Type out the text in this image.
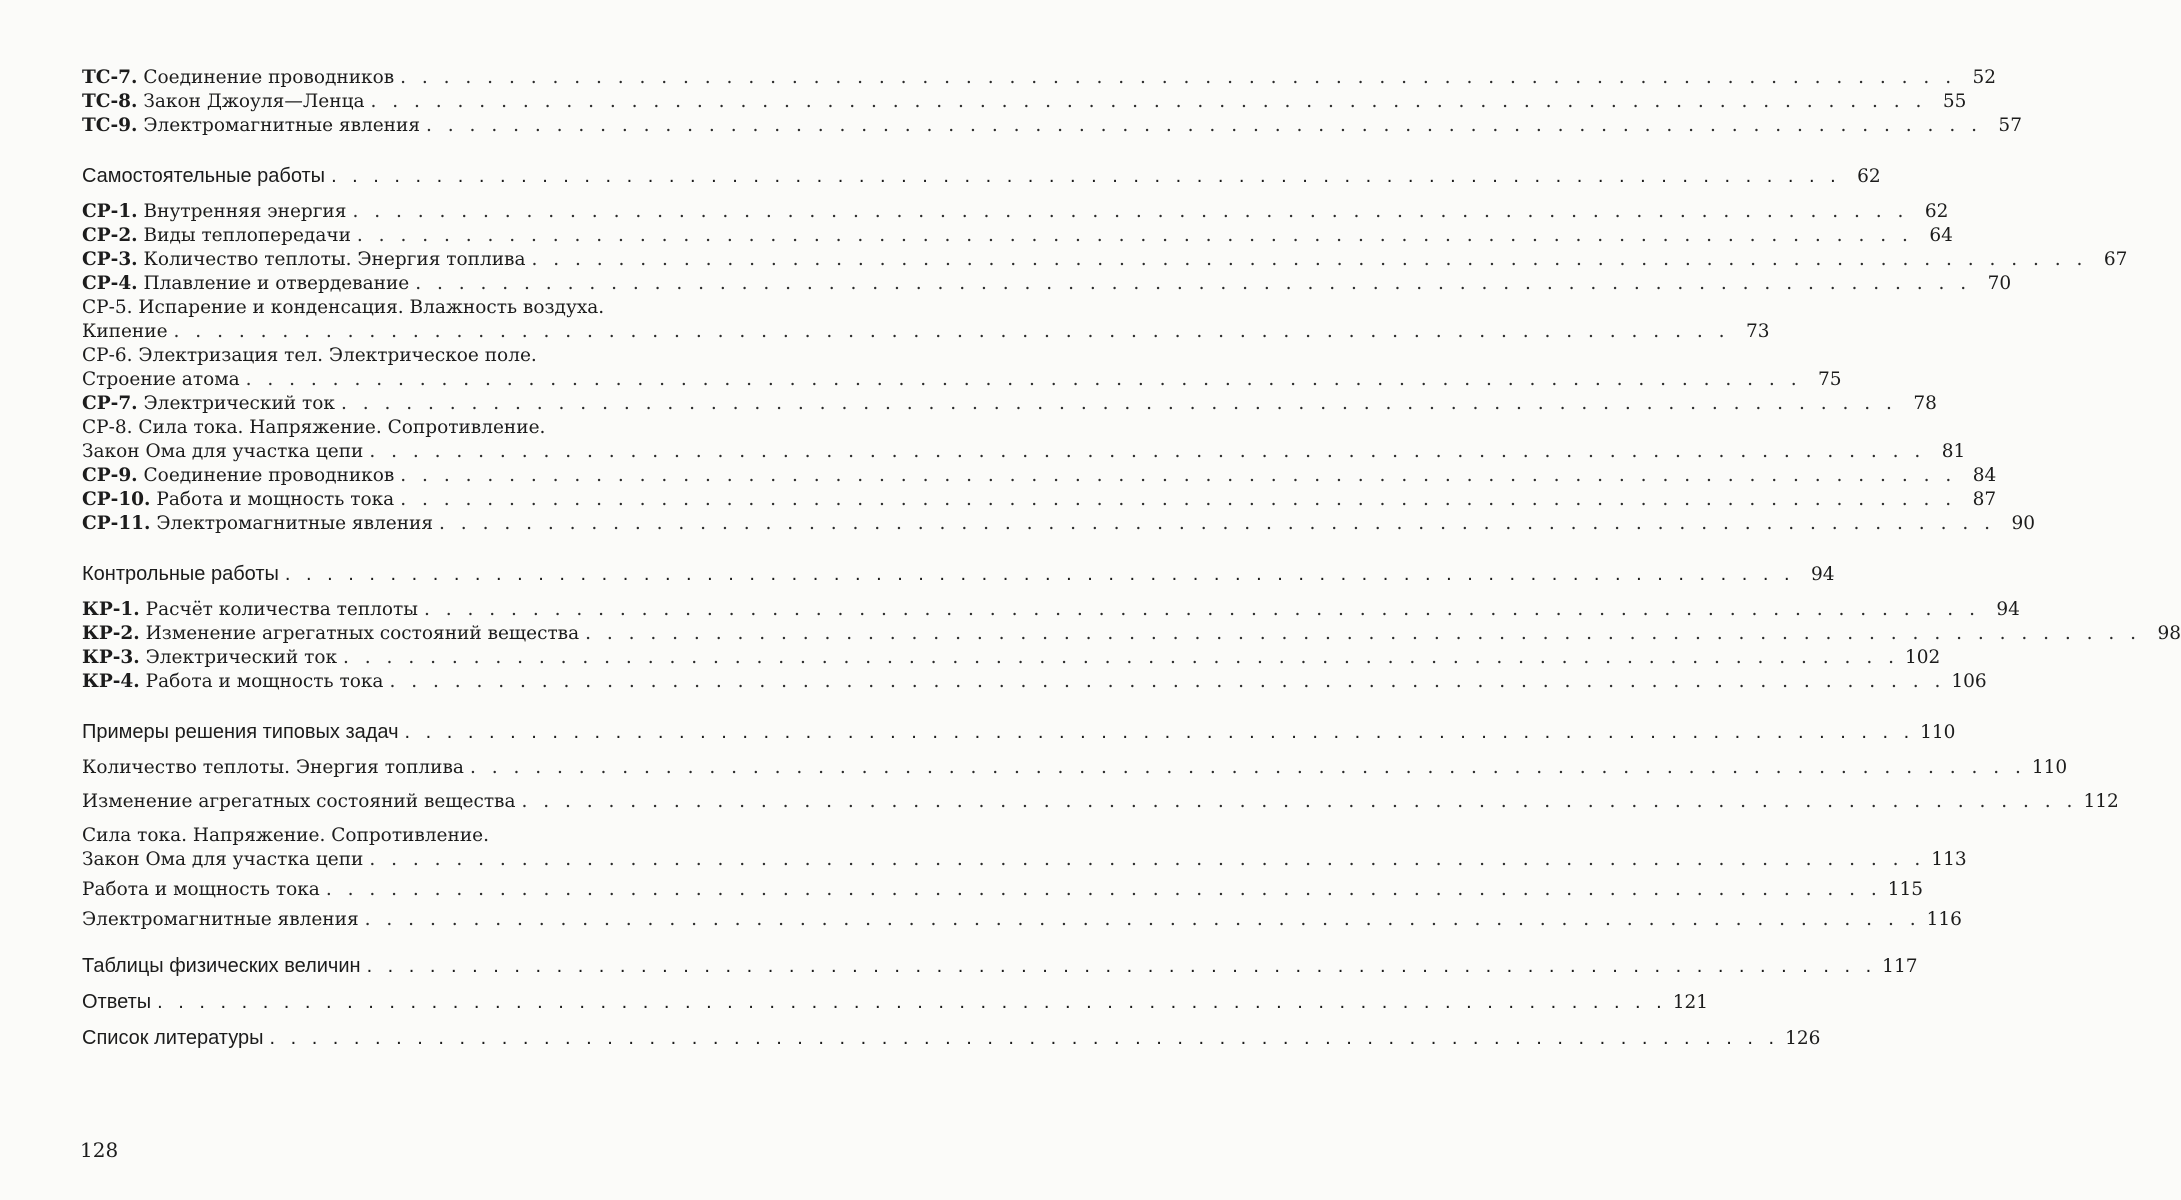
ТС-7. Соединение проводников . . . . . . . . . . . . . . . . . . . . . . . . . . . . . . . . . . . . . . . . . . . . . . . . . . . . . . . . . . . . . . . . . . . . . . . . 52
ТС-8. Закон Джоуля—Ленца . . . . . . . . . . . . . . . . . . . . . . . . . . . . . . . . . . . . . . . . . . . . . . . . . . . . . . . . . . . . . . . . . . . . . . . . 55
ТС-9. Электромагнитные явления . . . . . . . . . . . . . . . . . . . . . . . . . . . . . . . . . . . . . . . . . . . . . . . . . . . . . . . . . . . . . . . . . . . . . . . . 57
Самостоятельные работы . . . . . . . . . . . . . . . . . . . . . . . . . . . . . . . . . . . . . . . . . . . . . . . . . . . . . . . . . . . . . . . . . . . . . . . . 62
СР-1. Внутренняя энергия . . . . . . . . . . . . . . . . . . . . . . . . . . . . . . . . . . . . . . . . . . . . . . . . . . . . . . . . . . . . . . . . . . . . . . . . 62
СР-2. Виды теплопередачи . . . . . . . . . . . . . . . . . . . . . . . . . . . . . . . . . . . . . . . . . . . . . . . . . . . . . . . . . . . . . . . . . . . . . . . . 64
СР-3. Количество теплоты. Энергия топлива . . . . . . . . . . . . . . . . . . . . . . . . . . . . . . . . . . . . . . . . . . . . . . . . . . . . . . . . . . . . . . . . . . . . . . . . 67
СР-4. Плавление и отвердевание . . . . . . . . . . . . . . . . . . . . . . . . . . . . . . . . . . . . . . . . . . . . . . . . . . . . . . . . . . . . . . . . . . . . . . . . 70
СР-5. Испарение и конденсация. Влажность воздуха.
Кипение . . . . . . . . . . . . . . . . . . . . . . . . . . . . . . . . . . . . . . . . . . . . . . . . . . . . . . . . . . . . . . . . . . . . . . . . 73
СР-6. Электризация тел. Электрическое поле.
Строение атома . . . . . . . . . . . . . . . . . . . . . . . . . . . . . . . . . . . . . . . . . . . . . . . . . . . . . . . . . . . . . . . . . . . . . . . . 75
СР-7. Электрический ток . . . . . . . . . . . . . . . . . . . . . . . . . . . . . . . . . . . . . . . . . . . . . . . . . . . . . . . . . . . . . . . . . . . . . . . . 78
СР-8. Сила тока. Напряжение. Сопротивление.
Закон Ома для участка цепи . . . . . . . . . . . . . . . . . . . . . . . . . . . . . . . . . . . . . . . . . . . . . . . . . . . . . . . . . . . . . . . . . . . . . . . . 81
СР-9. Соединение проводников . . . . . . . . . . . . . . . . . . . . . . . . . . . . . . . . . . . . . . . . . . . . . . . . . . . . . . . . . . . . . . . . . . . . . . . . 84
СР-10. Работа и мощность тока . . . . . . . . . . . . . . . . . . . . . . . . . . . . . . . . . . . . . . . . . . . . . . . . . . . . . . . . . . . . . . . . . . . . . . . . 87
СР-11. Электромагнитные явления . . . . . . . . . . . . . . . . . . . . . . . . . . . . . . . . . . . . . . . . . . . . . . . . . . . . . . . . . . . . . . . . . . . . . . . . 90
Контрольные работы . . . . . . . . . . . . . . . . . . . . . . . . . . . . . . . . . . . . . . . . . . . . . . . . . . . . . . . . . . . . . . . . . . . . . . . . 94
КР-1. Расчёт количества теплоты . . . . . . . . . . . . . . . . . . . . . . . . . . . . . . . . . . . . . . . . . . . . . . . . . . . . . . . . . . . . . . . . . . . . . . . . 94
КР-2. Изменение агрегатных состояний вещества . . . . . . . . . . . . . . . . . . . . . . . . . . . . . . . . . . . . . . . . . . . . . . . . . . . . . . . . . . . . . . . . . . . . . . . . 98
КР-3. Электрический ток . . . . . . . . . . . . . . . . . . . . . . . . . . . . . . . . . . . . . . . . . . . . . . . . . . . . . . . . . . . . . . . . . . . . . . . . 102
КР-4. Работа и мощность тока . . . . . . . . . . . . . . . . . . . . . . . . . . . . . . . . . . . . . . . . . . . . . . . . . . . . . . . . . . . . . . . . . . . . . . . . 106
Примеры решения типовых задач . . . . . . . . . . . . . . . . . . . . . . . . . . . . . . . . . . . . . . . . . . . . . . . . . . . . . . . . . . . . . . . . . . . . . . . . 110
Количество теплоты. Энергия топлива . . . . . . . . . . . . . . . . . . . . . . . . . . . . . . . . . . . . . . . . . . . . . . . . . . . . . . . . . . . . . . . . . . . . . . . . 110
Изменение агрегатных состояний вещества . . . . . . . . . . . . . . . . . . . . . . . . . . . . . . . . . . . . . . . . . . . . . . . . . . . . . . . . . . . . . . . . . . . . . . . . 112
Сила тока. Напряжение. Сопротивление.
Закон Ома для участка цепи . . . . . . . . . . . . . . . . . . . . . . . . . . . . . . . . . . . . . . . . . . . . . . . . . . . . . . . . . . . . . . . . . . . . . . . . 113
Работа и мощность тока . . . . . . . . . . . . . . . . . . . . . . . . . . . . . . . . . . . . . . . . . . . . . . . . . . . . . . . . . . . . . . . . . . . . . . . . 115
Электромагнитные явления . . . . . . . . . . . . . . . . . . . . . . . . . . . . . . . . . . . . . . . . . . . . . . . . . . . . . . . . . . . . . . . . . . . . . . . . 116
Таблицы физических величин . . . . . . . . . . . . . . . . . . . . . . . . . . . . . . . . . . . . . . . . . . . . . . . . . . . . . . . . . . . . . . . . . . . . . . . . 117
Ответы . . . . . . . . . . . . . . . . . . . . . . . . . . . . . . . . . . . . . . . . . . . . . . . . . . . . . . . . . . . . . . . . . . . . . . . . 121
Список литературы . . . . . . . . . . . . . . . . . . . . . . . . . . . . . . . . . . . . . . . . . . . . . . . . . . . . . . . . . . . . . . . . . . . . . . . . 126
128
